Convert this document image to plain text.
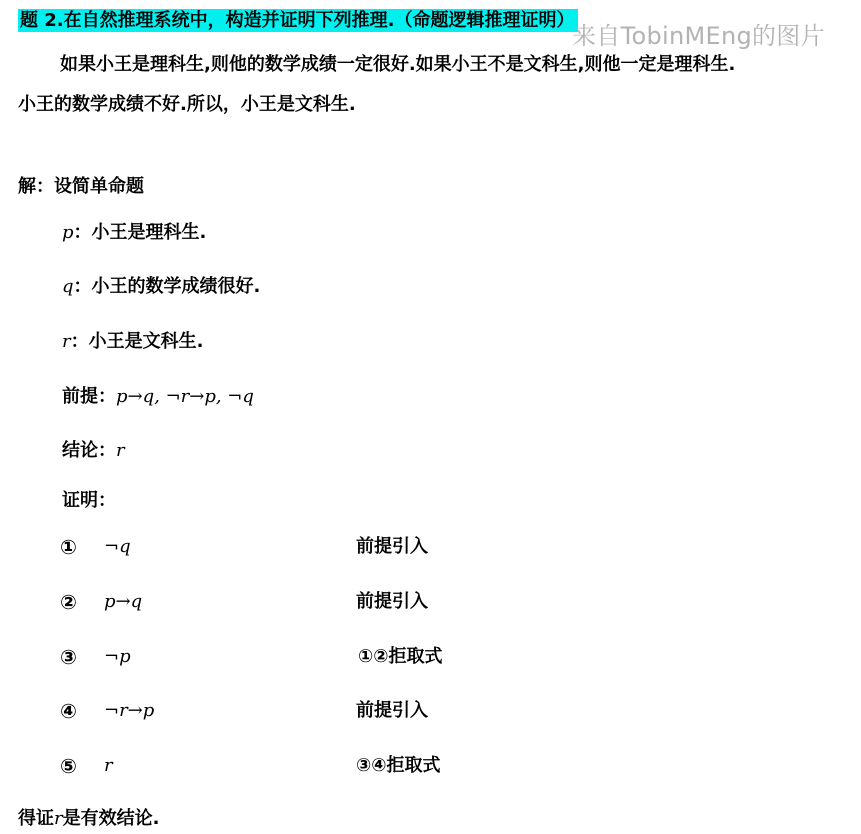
题 2.在自然推理系统中，构造并证明下列推理.（命题逻辑推理证明）
来自TobinMEng的图片
如果小王是理科生,则他的数学成绩一定很好.如果小王不是文科生,则他一定是理科生.
小王的数学成绩不好.所以，小王是文科生.
解：设简单命题
p：小王是理科生.
q：小王的数学成绩很好.
r：小王是文科生.
前提：p→q, ¬r→p, ¬q
结论：r
证明：
① ¬q	前提引入
② p→q	前提引入
③ ¬p	①②拒取式
④ ¬r→p	前提引入
⑤ r	③④拒取式
得证r是有效结论.
